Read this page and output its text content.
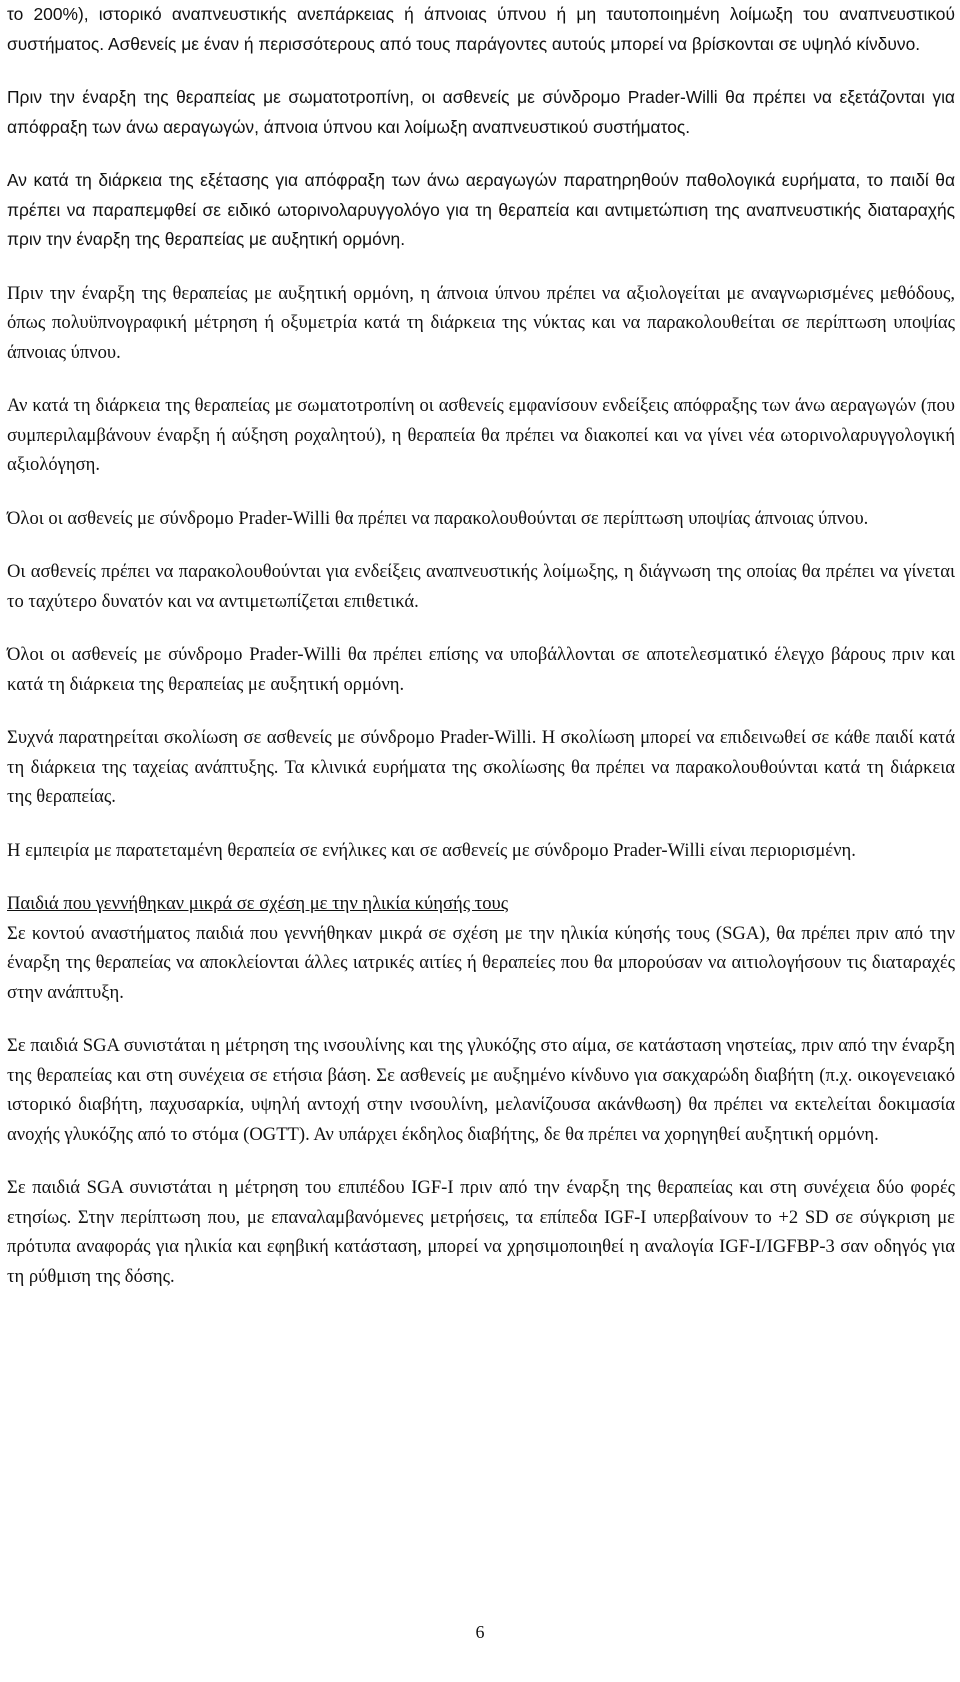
το 200%), ιστορικό αναπνευστικής ανεπάρκειας ή άπνοιας ύπνου ή μη ταυτοποιημένη λοίμωξη του αναπνευστικού συστήματος. Ασθενείς με έναν ή περισσότερους από τους παράγοντες αυτούς μπορεί να βρίσκονται σε υψηλό κίνδυνο.

Πριν την έναρξη της θεραπείας με σωματοτροπίνη, οι ασθενείς με σύνδρομο Prader-Willi θα πρέπει να εξετάζονται για απόφραξη των άνω αεραγωγών, άπνοια ύπνου και λοίμωξη αναπνευστικού συστήματος.

Αν κατά τη διάρκεια της εξέτασης για απόφραξη των άνω αεραγωγών παρατηρηθούν παθολογικά ευρήματα, το παιδί θα πρέπει να παραπεμφθεί σε ειδικό ωτορινολαρυγγολόγο για τη θεραπεία και αντιμετώπιση της αναπνευστικής διαταραχής πριν την έναρξη της θεραπείας με αυξητική ορμόνη.

Πριν την έναρξη της θεραπείας με αυξητική ορμόνη, η άπνοια ύπνου πρέπει να αξιολογείται με αναγνωρισμένες μεθόδους, όπως πολυϋπνογραφική μέτρηση ή οξυμετρία κατά τη διάρκεια της νύκτας και να παρακολουθείται σε περίπτωση υποψίας άπνοιας ύπνου.

Αν κατά τη διάρκεια της θεραπείας με σωματοτροπίνη οι ασθενείς εμφανίσουν ενδείξεις απόφραξης των άνω αεραγωγών (που συμπεριλαμβάνουν έναρξη ή αύξηση ροχαλητού), η θεραπεία θα πρέπει να διακοπεί και να γίνει νέα ωτορινολαρυγγολογική αξιολόγηση.

Όλοι οι ασθενείς με σύνδρομο Prader-Willi θα πρέπει να παρακολουθούνται σε περίπτωση υποψίας άπνοιας ύπνου.

Οι ασθενείς πρέπει να παρακολουθούνται για ενδείξεις αναπνευστικής λοίμωξης, η διάγνωση της οποίας θα πρέπει να γίνεται το ταχύτερο δυνατόν και να αντιμετωπίζεται επιθετικά.

Όλοι οι ασθενείς με σύνδρομο Prader-Willi θα πρέπει επίσης να υποβάλλονται σε αποτελεσματικό έλεγχο βάρους πριν και κατά τη διάρκεια της θεραπείας με αυξητική ορμόνη.

Συχνά παρατηρείται σκολίωση σε ασθενείς με σύνδρομο Prader-Willi. Η σκολίωση μπορεί να επιδεινωθεί σε κάθε παιδί κατά τη διάρκεια της ταχείας ανάπτυξης. Τα κλινικά ευρήματα της σκολίωσης θα πρέπει να παρακολουθούνται κατά τη διάρκεια της θεραπείας.

Η εμπειρία με παρατεταμένη θεραπεία σε ενήλικες και σε ασθενείς με σύνδρομο Prader-Willi είναι περιορισμένη.

Παιδιά που γεννήθηκαν μικρά σε σχέση με την ηλικία κύησής τους

Σε κοντού αναστήματος παιδιά που γεννήθηκαν μικρά σε σχέση με την ηλικία κύησής τους (SGA), θα πρέπει πριν από την έναρξη της θεραπείας να αποκλείονται άλλες ιατρικές αιτίες ή θεραπείες που θα μπορούσαν να αιτιολογήσουν τις διαταραχές στην ανάπτυξη.

Σε παιδιά SGA συνιστάται η μέτρηση της ινσουλίνης και της γλυκόζης στο αίμα, σε κατάσταση νηστείας, πριν από την έναρξη της θεραπείας και στη συνέχεια σε ετήσια βάση. Σε ασθενείς με αυξημένο κίνδυνο για σακχαρώδη διαβήτη (π.χ. οικογενειακό ιστορικό διαβήτη, παχυσαρκία, υψηλή αντοχή στην ινσουλίνη, μελανίζουσα ακάνθωση) θα πρέπει να εκτελείται δοκιμασία ανοχής γλυκόζης από το στόμα (OGTT). Αν υπάρχει έκδηλος διαβήτης, δε θα πρέπει να χορηγηθεί αυξητική ορμόνη.

Σε παιδιά SGA συνιστάται η μέτρηση του επιπέδου IGF-I πριν από την έναρξη της θεραπείας και στη συνέχεια δύο φορές ετησίως. Στην περίπτωση που, με επαναλαμβανόμενες μετρήσεις, τα επίπεδα IGF-I υπερβαίνουν το +2 SD σε σύγκριση με πρότυπα αναφοράς για ηλικία και εφηβική κατάσταση, μπορεί να χρησιμοποιηθεί η αναλογία IGF-I/IGFBP-3 σαν οδηγός για τη ρύθμιση της δόσης.

6
